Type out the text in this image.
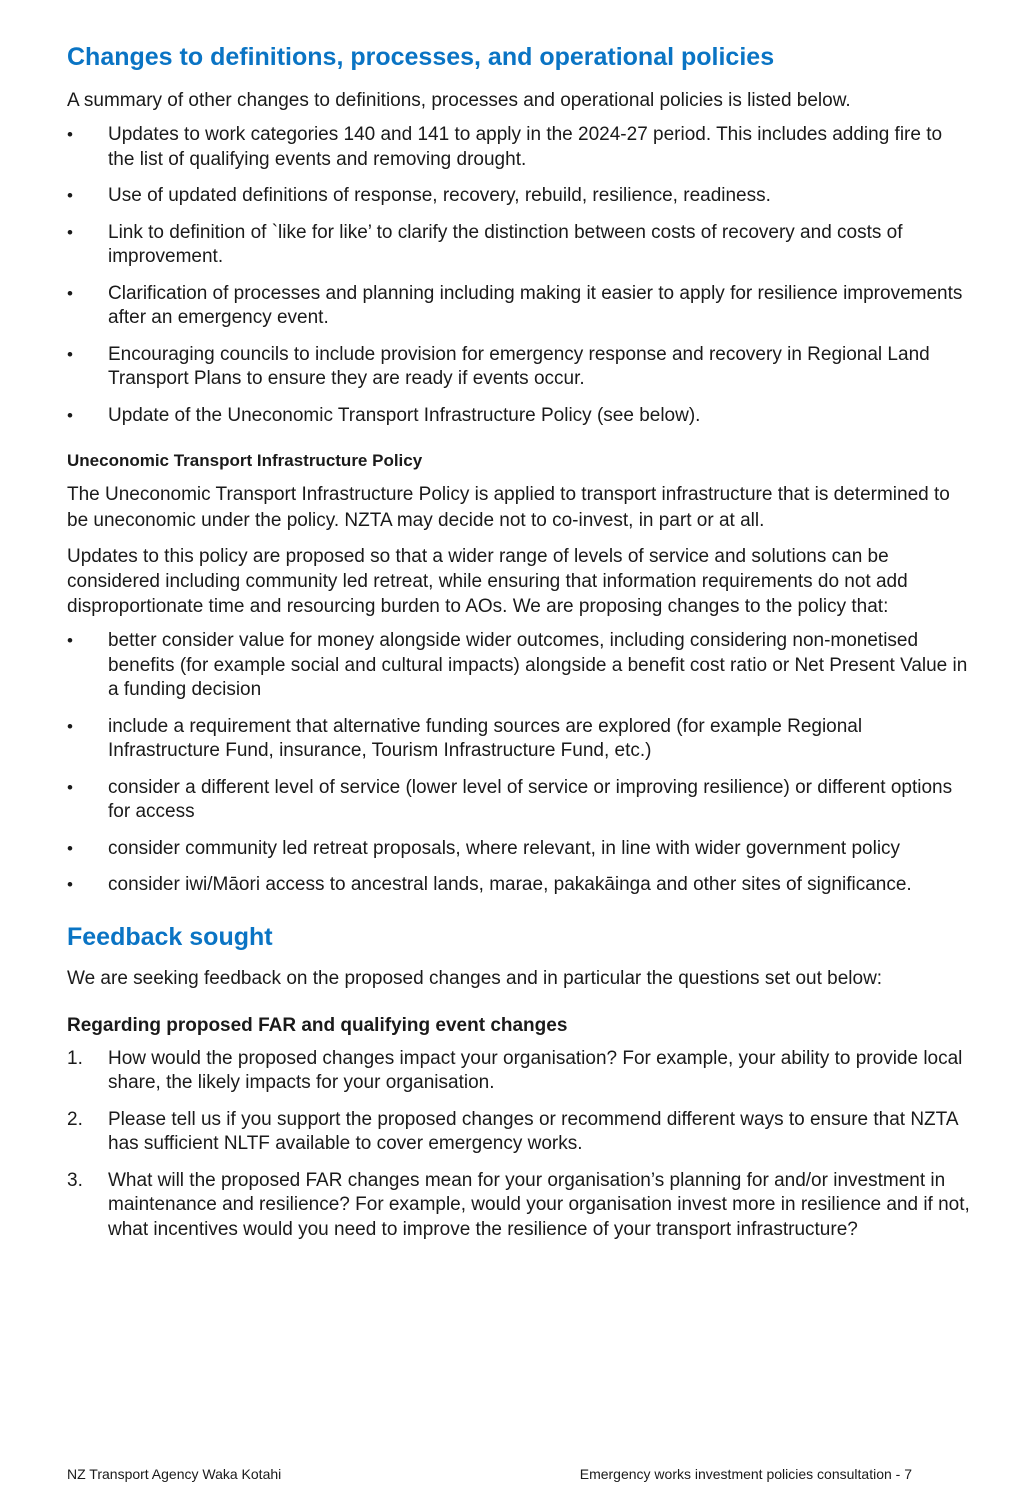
Changes to definitions, processes, and operational policies

A summary of other changes to definitions, processes and operational policies is listed below.

• Updates to work categories 140 and 141 to apply in the 2024-27 period. This includes adding fire to the list of qualifying events and removing drought.
• Use of updated definitions of response, recovery, rebuild, resilience, readiness.
• Link to definition of `like for like’ to clarify the distinction between costs of recovery and costs of improvement.
• Clarification of processes and planning including making it easier to apply for resilience improvements after an emergency event.
• Encouraging councils to include provision for emergency response and recovery in Regional Land Transport Plans to ensure they are ready if events occur.
• Update of the Uneconomic Transport Infrastructure Policy (see below).
Uneconomic Transport Infrastructure Policy

The Uneconomic Transport Infrastructure Policy is applied to transport infrastructure that is determined to be uneconomic under the policy. NZTA may decide not to co-invest, in part or at all.

Updates to this policy are proposed so that a wider range of levels of service and solutions can be considered including community led retreat, while ensuring that information requirements do not add disproportionate time and resourcing burden to AOs. We are proposing changes to the policy that:

• better consider value for money alongside wider outcomes, including considering non-monetised benefits (for example social and cultural impacts) alongside a benefit cost ratio or Net Present Value in a funding decision
• include a requirement that alternative funding sources are explored (for example Regional Infrastructure Fund, insurance, Tourism Infrastructure Fund, etc.)
• consider a different level of service (lower level of service or improving resilience) or different options for access
• consider community led retreat proposals, where relevant, in line with wider government policy
• consider iwi/Māori access to ancestral lands, marae, pakakāinga and other sites of significance.
Feedback sought

We are seeking feedback on the proposed changes and in particular the questions set out below:

Regarding proposed FAR and qualifying event changes
1. How would the proposed changes impact your organisation? For example, your ability to provide local share, the likely impacts for your organisation.
2. Please tell us if you support the proposed changes or recommend different ways to ensure that NZTA has sufficient NLTF available to cover emergency works.
3. What will the proposed FAR changes mean for your organisation’s planning for and/or investment in maintenance and resilience? For example, would your organisation invest more in resilience and if not, what incentives would you need to improve the resilience of your transport infrastructure?
NZ Transport Agency Waka Kotahi	Emergency works investment policies consultation - 7
